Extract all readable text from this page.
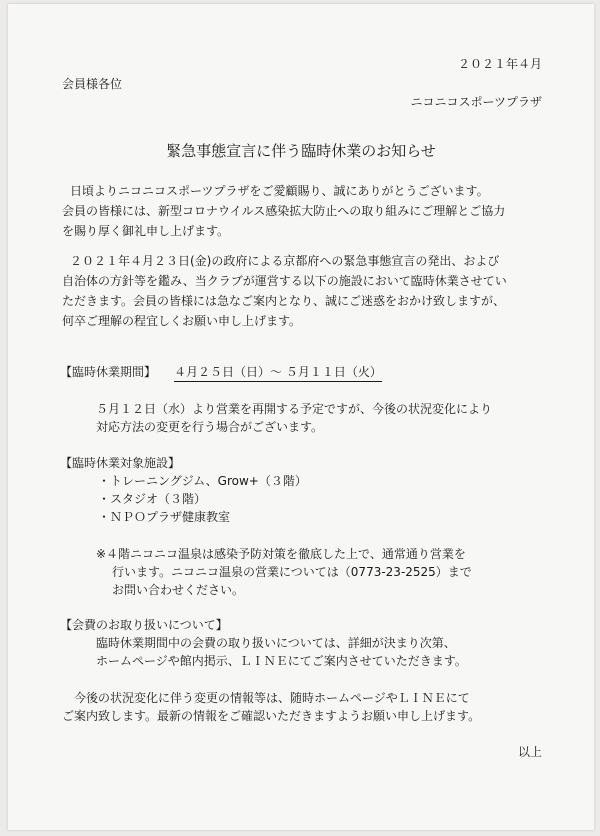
２０２１年４月
会員様各位
ニコニコスポーツプラザ
緊急事態宣言に伴う臨時休業のお知らせ
日頃よりニコニコスポーツプラザをご愛顧賜り、誠にありがとうございます。
会員の皆様には、新型コロナウイルス感染拡大防止への取り組みにご理解とご協力
を賜り厚く御礼申し上げます。
２０２１年４月２３日(金)の政府による京都府への緊急事態宣言の発出、および
自治体の方針等を鑑み、当クラブが運営する以下の施設において臨時休業させてい
ただきます。会員の皆様には急なご案内となり、誠にご迷惑をおかけ致しますが、
何卒ご理解の程宜しくお願い申し上げます。
【臨時休業期間】 ４月２５日（日）～ ５月１１日（火）
５月１２日（水）より営業を再開する予定ですが、今後の状況変化により
対応方法の変更を行う場合がございます。
【臨時休業対象施設】
・トレーニングジム、Grow+（３階）
・スタジオ（３階）
・ＮＰＯプラザ健康教室
※４階ニコニコ温泉は感染予防対策を徹底した上で、通常通り営業を
行います。ニコニコ温泉の営業については（0773-23-2525）まで
お問い合わせください。
【会費のお取り扱いについて】
臨時休業期間中の会費の取り扱いについては、詳細が決まり次第、
ホームページや館内掲示、ＬＩＮＥにてご案内させていただきます。
今後の状況変化に伴う変更の情報等は、随時ホームページやＬＩＮＥにて
ご案内致します。最新の情報をご確認いただきますようお願い申し上げます。
以上
